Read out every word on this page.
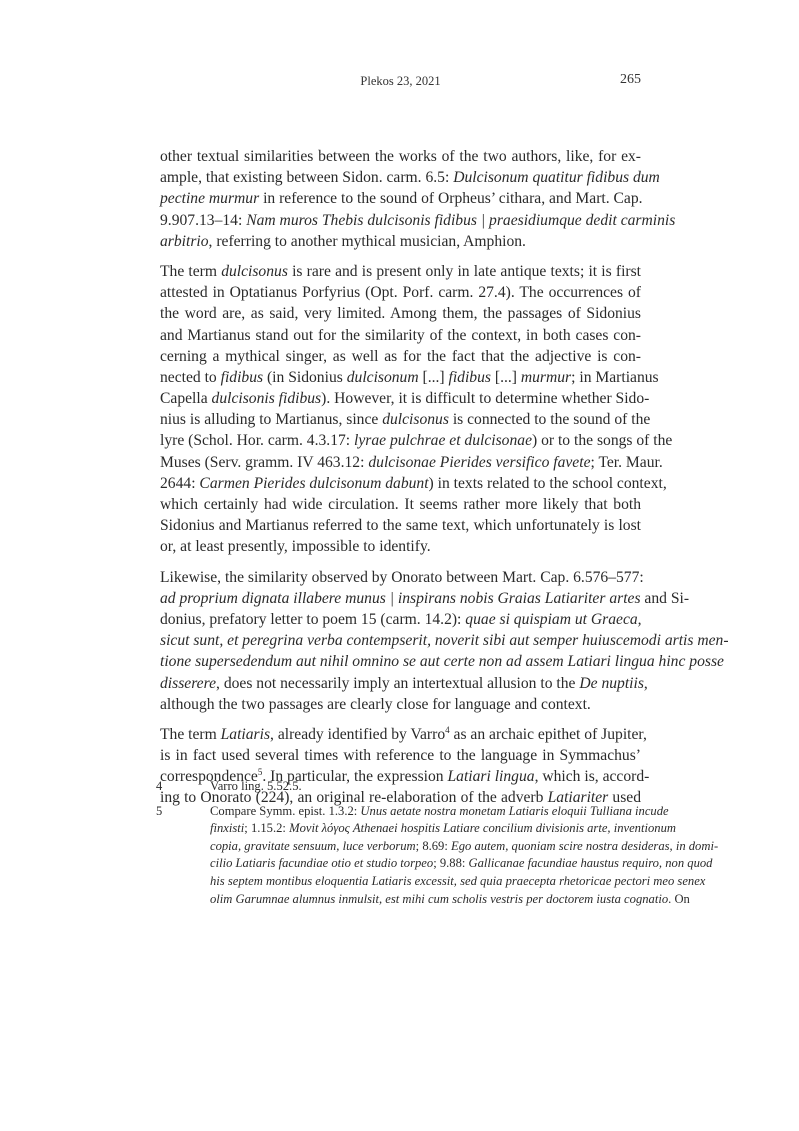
Plekos 23, 2021	265
other textual similarities between the works of the two authors, like, for ex-
ample, that existing between Sidon. carm. 6.5: Dulcisonum quatitur fidibus dum
pectine murmur in reference to the sound of Orpheus’ cithara, and Mart. Cap.
9.907.13–14: Nam muros Thebis dulcisonis fidibus | praesidiumque dedit carminis
arbitrio, referring to another mythical musician, Amphion.
The term dulcisonus is rare and is present only in late antique texts; it is first
attested in Optatianus Porfyrius (Opt. Porf. carm. 27.4). The occurrences of
the word are, as said, very limited. Among them, the passages of Sidonius
and Martianus stand out for the similarity of the context, in both cases con-
cerning a mythical singer, as well as for the fact that the adjective is con-
nected to fidibus (in Sidonius dulcisonum [...] fidibus [...] murmur; in Martianus
Capella dulcisonis fidibus). However, it is difficult to determine whether Sido-
nius is alluding to Martianus, since dulcisonus is connected to the sound of the
lyre (Schol. Hor. carm. 4.3.17: lyrae pulchrae et dulcisonae) or to the songs of the
Muses (Serv. gramm. IV 463.12: dulcisonae Pierides versifico favete; Ter. Maur.
2644: Carmen Pierides dulcisonum dabunt) in texts related to the school context,
which certainly had wide circulation. It seems rather more likely that both
Sidonius and Martianus referred to the same text, which unfortunately is lost
or, at least presently, impossible to identify.
Likewise, the similarity observed by Onorato between Mart. Cap. 6.576–577:
ad proprium dignata illabere munus | inspirans nobis Graias Latiariter artes and Si-
donius, prefatory letter to poem 15 (carm. 14.2): quae si quispiam ut Graeca,
sicut sunt, et peregrina verba contempserit, noverit sibi aut semper huiuscemodi artis men-
tione supersedendum aut nihil omnino se aut certe non ad assem Latiari lingua hinc posse
disserere, does not necessarily imply an intertextual allusion to the De nuptiis,
although the two passages are clearly close for language and context.
The term Latiaris, already identified by Varro$^4$ as an archaic epithet of Jupiter,
is in fact used several times with reference to the language in Symmachus’
correspondence$^5$. In particular, the expression Latiari lingua, which is, accord-
ing to Onorato (224), an original re-elaboration of the adverb Latiariter used
4	Varro ling. 5.52.5.
5	Compare Symm. epist. 1.3.2: Unus aetate nostra monetam Latiaris eloquii Tulliana incude
finxisti; 1.15.2: Movit λόγος Athenaei hospitis Latiare concilium divisionis arte, inventionum
copia, gravitate sensuum, luce verborum; 8.69: Ego autem, quoniam scire nostra desideras, in domi-
cilio Latiaris facundiae otio et studio torpeo; 9.88: Gallicanae facundiae haustus requiro, non quod
his septem montibus eloquentia Latiaris excessit, sed quia praecepta rhetoricae pectori meo senex
olim Garumnae alumnus inmulsit, est mihi cum scholis vestris per doctorem iusta cognatio. On
